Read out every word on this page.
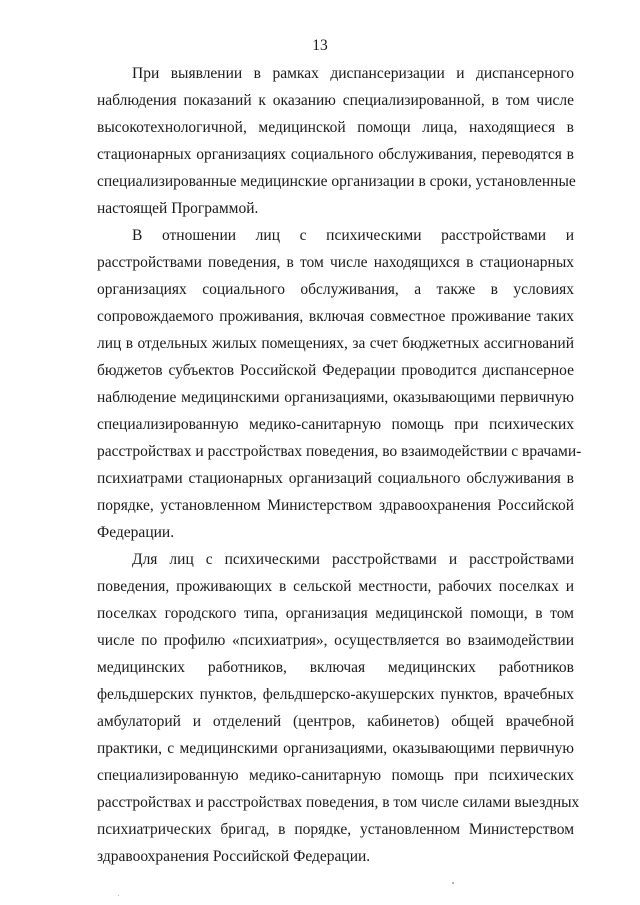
13
При выявлении в рамках диспансеризации и диспансерного
наблюдения показаний к оказанию специализированной, в том числе
высокотехнологичной, медицинской помощи лица, находящиеся в
стационарных организациях социального обслуживания, переводятся в
специализированные медицинские организации в сроки, установленные
настоящей Программой.
В отношении лиц с психическими расстройствами и
расстройствами поведения, в том числе находящихся в стационарных
организациях социального обслуживания, а также в условиях
сопровождаемого проживания, включая совместное проживание таких
лиц в отдельных жилых помещениях, за счет бюджетных ассигнований
бюджетов субъектов Российской Федерации проводится диспансерное
наблюдение медицинскими организациями, оказывающими первичную
специализированную медико-санитарную помощь при психических
расстройствах и расстройствах поведения, во взаимодействии с врачами-
психиатрами стационарных организаций социального обслуживания в
порядке, установленном Министерством здравоохранения Российской
Федерации.
Для лиц с психическими расстройствами и расстройствами
поведения, проживающих в сельской местности, рабочих поселках и
поселках городского типа, организация медицинской помощи, в том
числе по профилю «психиатрия», осуществляется во взаимодействии
медицинских работников, включая медицинских работников
фельдшерских пунктов, фельдшерско-акушерских пунктов, врачебных
амбулаторий и отделений (центров, кабинетов) общей врачебной
практики, с медицинскими организациями, оказывающими первичную
специализированную медико-санитарную помощь при психических
расстройствах и расстройствах поведения, в том числе силами выездных
психиатрических бригад, в порядке, установленном Министерством
здравоохранения Российской Федерации.
